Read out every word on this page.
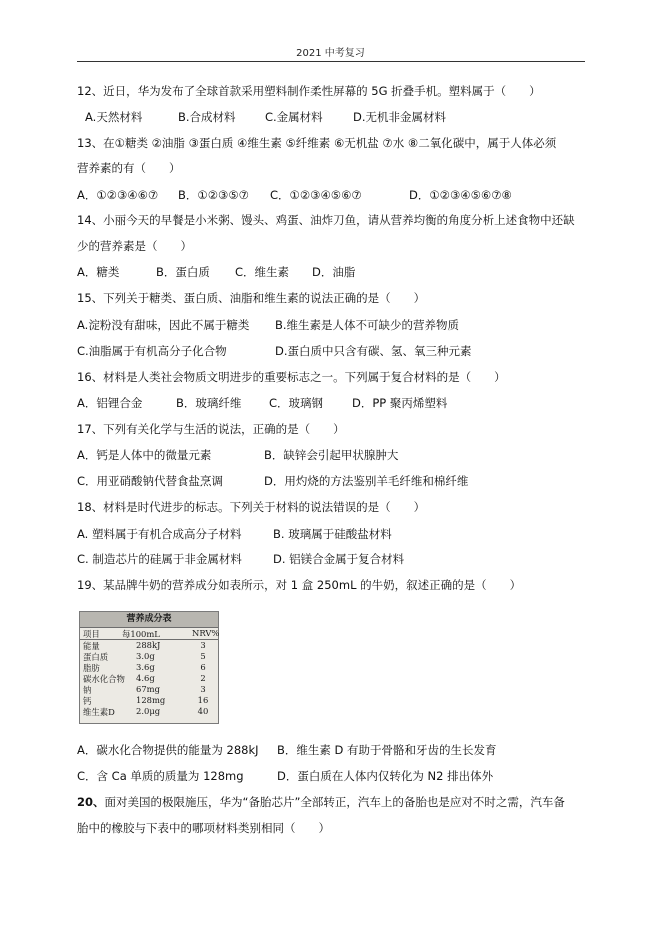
2021 中考复习
12、近日，华为发布了全球首款采用塑料制作柔性屏幕的 5G 折叠手机。塑料属于（　　）
A.天然材料	B.合成材料	C.金属材料	D.无机非金属材料
13、在①糖类 ②油脂 ③蛋白质 ④维生素 ⑤纤维素 ⑥无机盐 ⑦水 ⑧二氧化碳中，属于人体必须
营养素的有（　　）
A．①②③④⑥⑦ B．①②③⑤⑦ C．①②③④⑤⑥⑦	D．①②③④⑤⑥⑦⑧
14、小丽今天的早餐是小米粥、馒头、鸡蛋、油炸刀鱼，请从营养均衡的角度分析上述食物中还缺
少的营养素是（　　）
A．糖类	B．蛋白质 C．维生素 D．油脂
15、下列关于糖类、蛋白质、油脂和维生素的说法正确的是（　　）
A.淀粉没有甜味，因此不属于糖类 B.维生素是人体不可缺少的营养物质
C.油脂属于有机高分子化合物	D.蛋白质中只含有碳、氢、氧三种元素
16、材料是人类社会物质文明进步的重要标志之一。下列属于复合材料的是（　　）
A．铝锂合金	B．玻璃纤维 C．玻璃钢	D．PP 聚丙烯塑料
17、下列有关化学与生活的说法，正确的是（　　）
A．钙是人体中的微量元素	B．缺锌会引起甲状腺肿大
C．用亚硝酸钠代替食盐烹调	D．用灼烧的方法鉴别羊毛纤维和棉纤维
18、材料是时代进步的标志。下列关于材料的说法错误的是（　　）
A. 塑料属于有机合成高分子材料	B. 玻璃属于硅酸盐材料
C. 制造芯片的硅属于非金属材料	D. 铝镁合金属于复合材料
19、某品牌牛奶的营养成分如表所示，对 1 盒 250mL 的牛奶，叙述正确的是（　　）
营养成分表
项目	每100mL	NRV%
能量	288kJ	3
蛋白质	3.0g	5
脂肪	3.6g	6
碳水化合物 4.6g	2
钠	67mg	3
钙	128mg	16
维生素D	2.0μg	40
A．碳水化合物提供的能量为 288kJ B．维生素 D 有助于骨骼和牙齿的生长发育
C．含 Ca 单质的质量为 128mg	D．蛋白质在人体内仅转化为 N2 排出体外
20、面对美国的极限施压，华为“备胎芯片”全部转正，汽车上的备胎也是应对不时之需，汽车备
胎中的橡胶与下表中的哪项材料类别相同（　　）
